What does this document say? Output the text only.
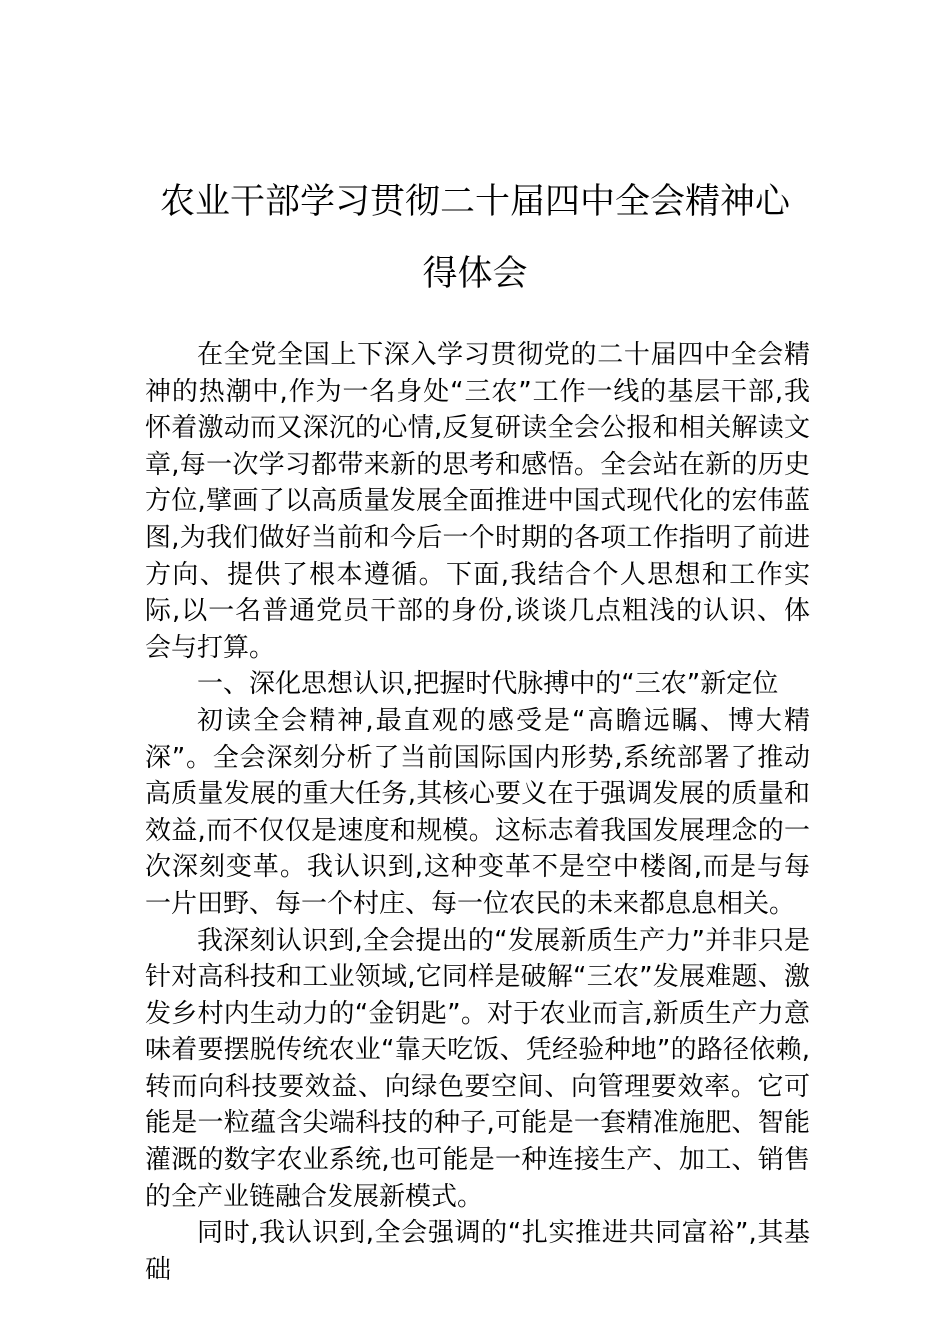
农业干部学习贯彻二十届四中全会精神心
得体会

在全党全国上下深入学习贯彻党的二十届四中全会精神的热潮中,作为一名身处“三农”工作一线的基层干部,我怀着激动而又深沉的心情,反复研读全会公报和相关解读文章,每一次学习都带来新的思考和感悟。全会站在新的历史方位,擘画了以高质量发展全面推进中国式现代化的宏伟蓝图,为我们做好当前和今后一个时期的各项工作指明了前进方向、提供了根本遵循。下面,我结合个人思想和工作实际,以一名普通党员干部的身份,谈谈几点粗浅的认识、体会与打算。

一、深化思想认识,把握时代脉搏中的“三农”新定位

初读全会精神,最直观的感受是“高瞻远瞩、博大精深”。全会深刻分析了当前国际国内形势,系统部署了推动高质量发展的重大任务,其核心要义在于强调发展的质量和效益,而不仅仅是速度和规模。这标志着我国发展理念的一次深刻变革。我认识到,这种变革不是空中楼阁,而是与每一片田野、每一个村庄、每一位农民的未来都息息相关。

我深刻认识到,全会提出的“发展新质生产力”并非只是针对高科技和工业领域,它同样是破解“三农”发展难题、激发乡村内生动力的“金钥匙”。对于农业而言,新质生产力意味着要摆脱传统农业“靠天吃饭、凭经验种地”的路径依赖,转而向科技要效益、向绿色要空间、向管理要效率。它可能是一粒蕴含尖端科技的种子,可能是一套精准施肥、智能灌溉的数字农业系统,也可能是一种连接生产、加工、销售的全产业链融合发展新模式。

同时,我认识到,全会强调的“扎实推进共同富裕”,其基础
